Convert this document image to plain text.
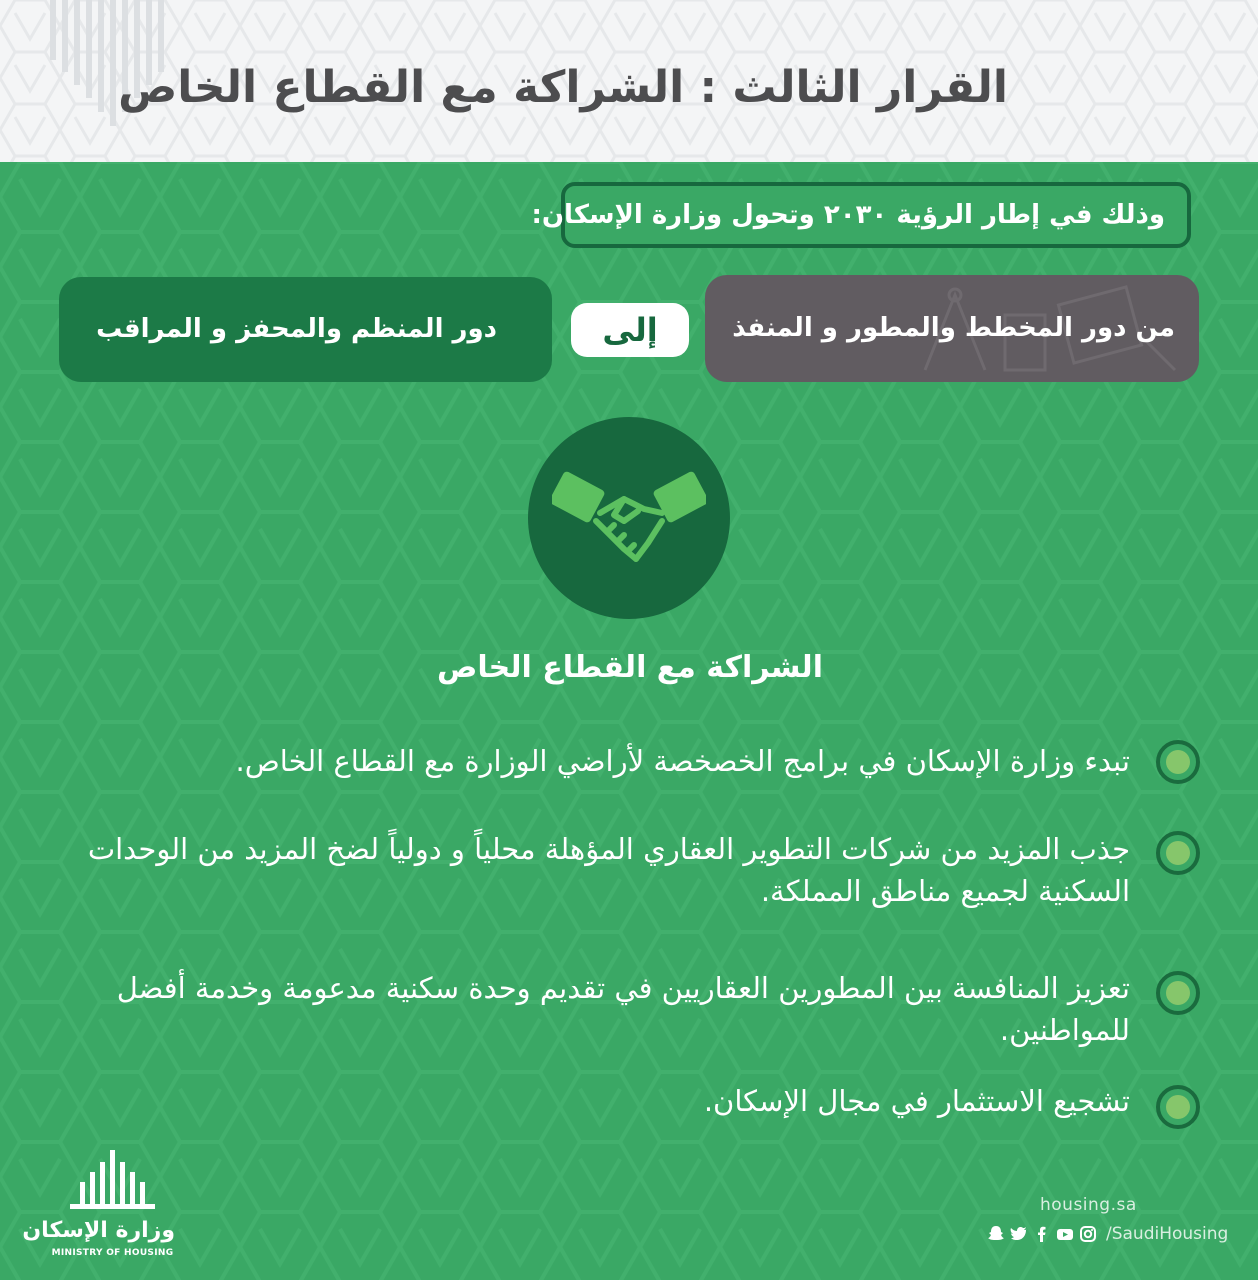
القرار الثالث : الشراكة مع القطاع الخاص
وذلك في إطار الرؤية ٢٠٣٠ وتحول وزارة الإسكان:
من دور المخطط والمطور و المنفذ
إلى
دور المنظم والمحفز و المراقب
الشراكة مع القطاع الخاص
تبدء وزارة الإسكان في برامج الخصخصة لأراضي الوزارة مع القطاع الخاص.
جذب المزيد من شركات التطوير العقاري المؤهلة محلياً و دولياً لضخ المزيد من الوحدات السكنية لجميع مناطق المملكة.
تعزيز المنافسة بين المطورين العقاريين في تقديم وحدة سكنية مدعومة وخدمة أفضل للمواطنين.
تشجيع الاستثمار في مجال الإسكان.
وزارة الإسكان
MINISTRY OF HOUSING
housing.sa
/SaudiHousing
